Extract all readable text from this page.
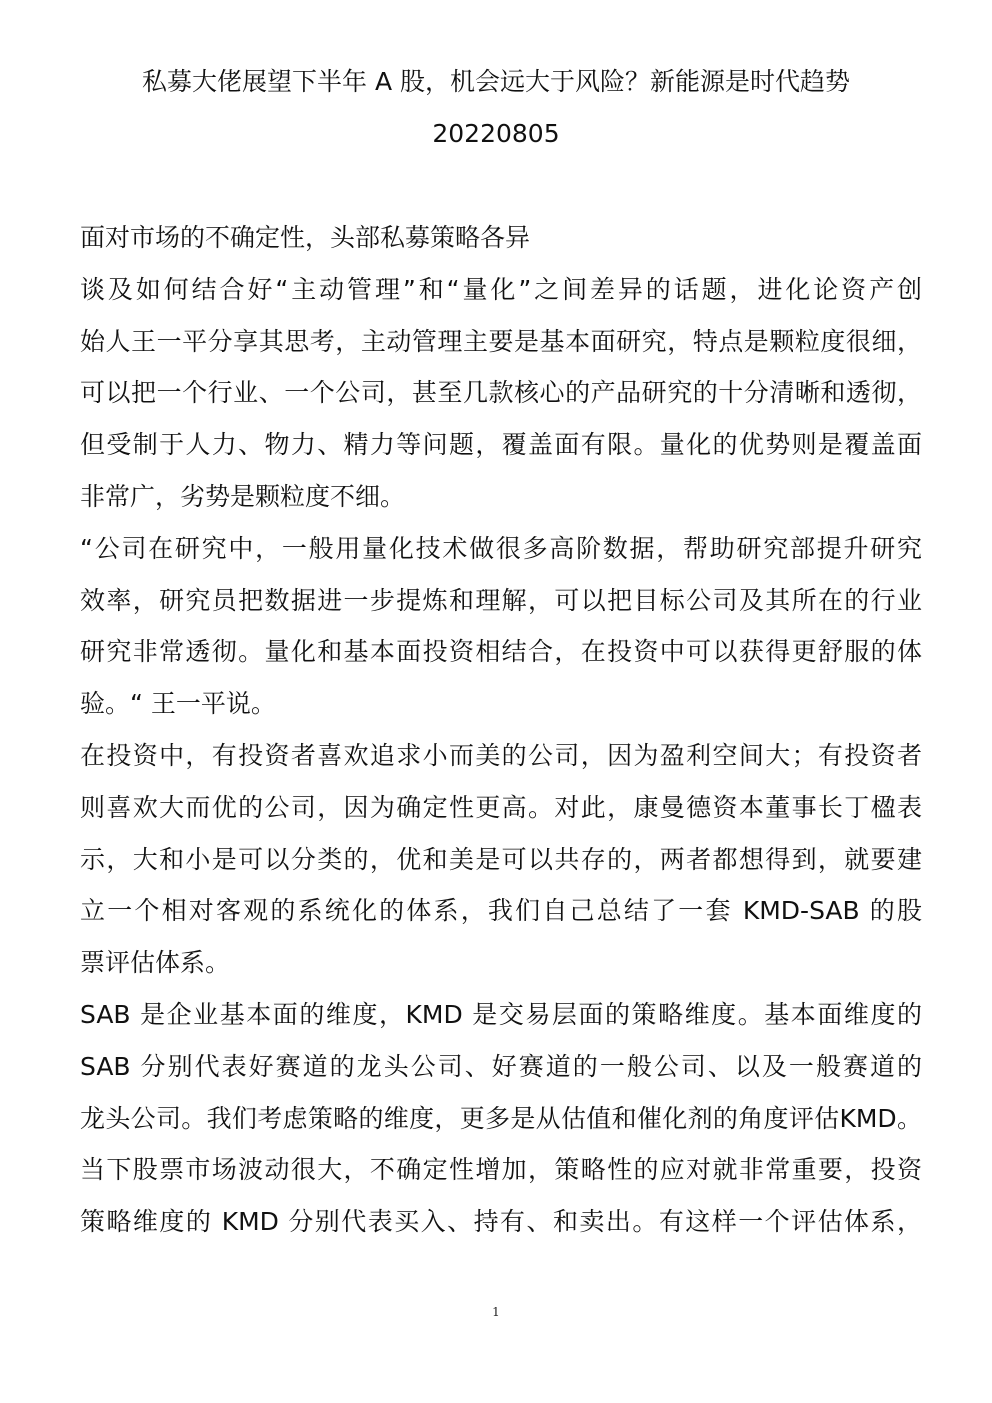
私募大佬展望下半年 A 股，机会远大于风险？新能源是时代趋势
20220805
面对市场的不确定性，头部私募策略各异
谈及如何结合好“主动管理”和“量化”之间差异的话题，进化论资产创
始人王一平分享其思考，主动管理主要是基本面研究，特点是颗粒度很细，
可以把一个行业、一个公司，甚至几款核心的产品研究的十分清晰和透彻，
但受制于人力、物力、精力等问题，覆盖面有限。量化的优势则是覆盖面
非常广，劣势是颗粒度不细。
“公司在研究中，一般用量化技术做很多高阶数据，帮助研究部提升研究
效率，研究员把数据进一步提炼和理解，可以把目标公司及其所在的行业
研究非常透彻。量化和基本面投资相结合，在投资中可以获得更舒服的体
验。“ 王一平说。
在投资中，有投资者喜欢追求小而美的公司，因为盈利空间大；有投资者
则喜欢大而优的公司，因为确定性更高。对此，康曼德资本董事长丁楹表
示，大和小是可以分类的，优和美是可以共存的，两者都想得到，就要建
立一个相对客观的系统化的体系，我们自己总结了一套 KMD-SAB 的股
票评估体系。
SAB 是企业基本面的维度，KMD 是交易层面的策略维度。基本面维度的
SAB 分别代表好赛道的龙头公司、好赛道的一般公司、以及一般赛道的
龙头公司。我们考虑策略的维度，更多是从估值和催化剂的角度评估KMD。
当下股票市场波动很大，不确定性增加，策略性的应对就非常重要，投资
策略维度的 KMD 分别代表买入、持有、和卖出。有这样一个评估体系，
1
